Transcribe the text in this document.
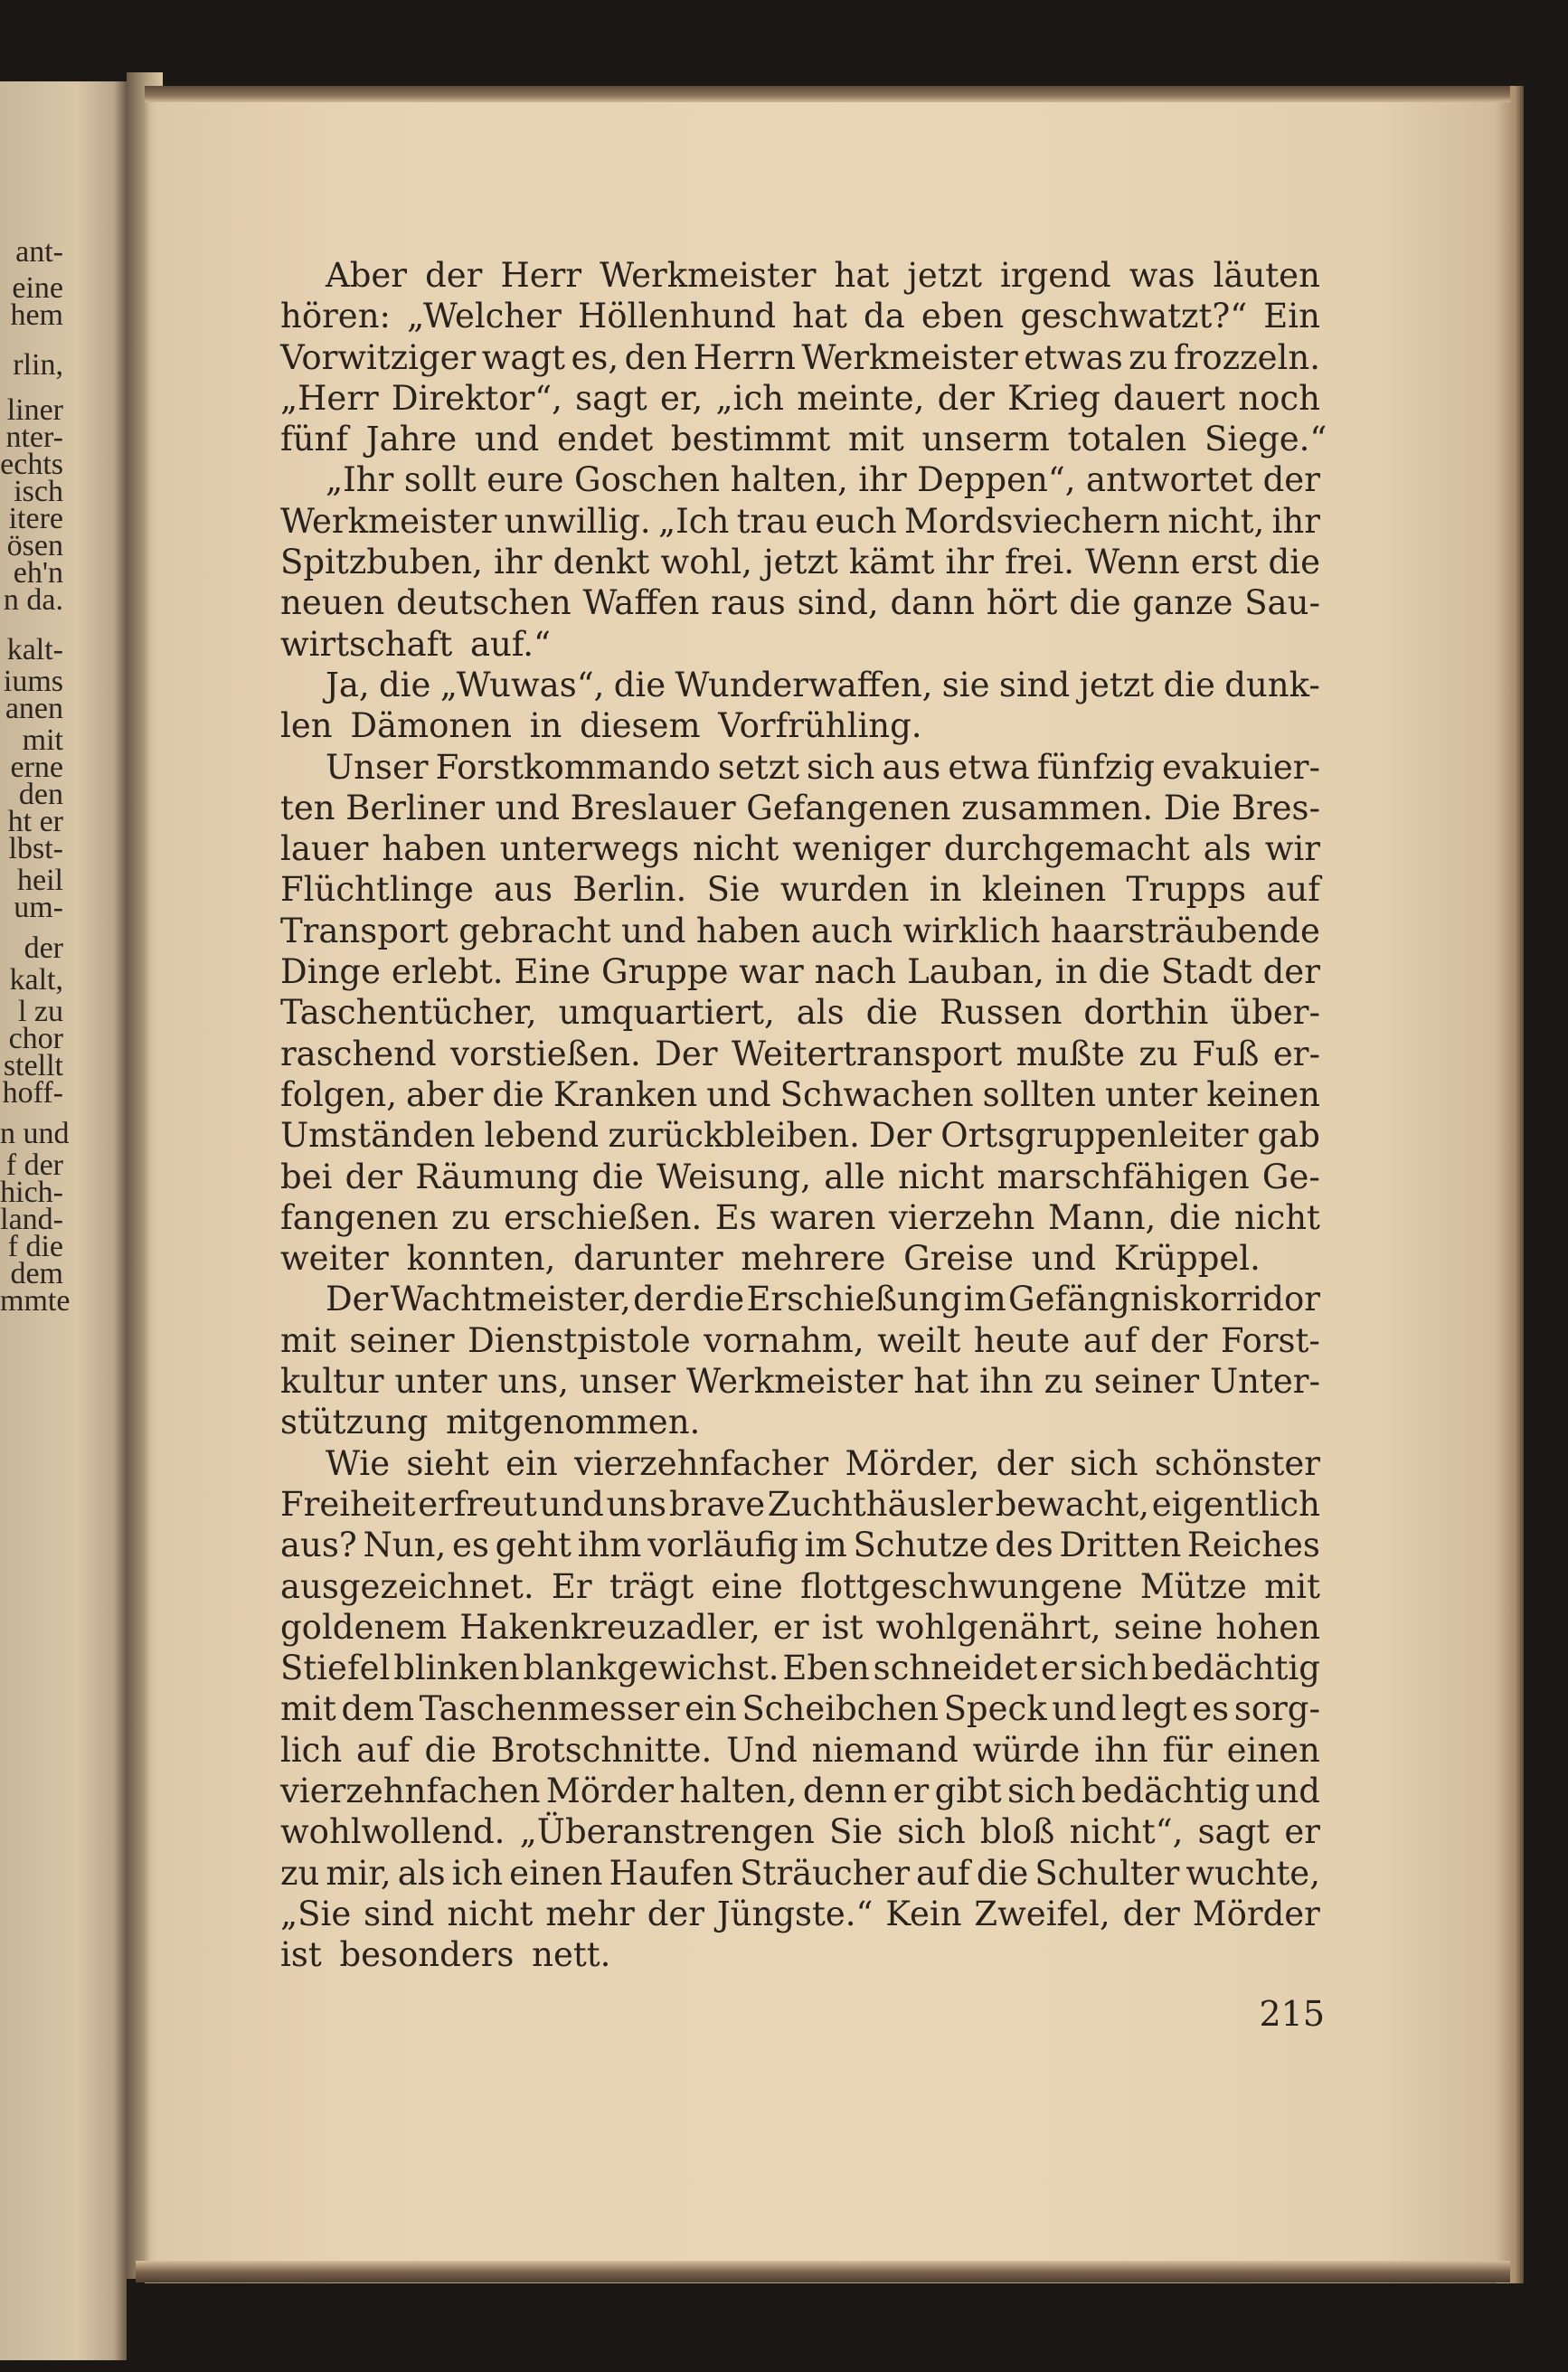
ant-
eine
hem
rlin,
liner
nter-
echts
isch
itere
ösen
eh'n
n da.
kalt-
iums
anen
mit
erne
den
ht er
lbst-
heil
um-
der
kalt,
l zu
chor
stellt
hoff-
n und
f der
hich-
land-
f die
dem
mmte
Aber der Herr Werkmeister hat jetzt irgend was läuten
hören: „Welcher Höllenhund hat da eben geschwatzt?“ Ein
Vorwitziger wagt es, den Herrn Werkmeister etwas zu frozzeln.
„Herr Direktor“, sagt er, „ich meinte, der Krieg dauert noch
fünf Jahre und endet bestimmt mit unserm totalen Siege.“
„Ihr sollt eure Goschen halten, ihr Deppen“, antwortet der
Werkmeister unwillig. „Ich trau euch Mordsviechern nicht, ihr
Spitzbuben, ihr denkt wohl, jetzt kämt ihr frei. Wenn erst die
neuen deutschen Waffen raus sind, dann hört die ganze Sau-
wirtschaft auf.“
Ja, die „Wuwas“, die Wunderwaffen, sie sind jetzt die dunk-
len Dämonen in diesem Vorfrühling.
Unser Forstkommando setzt sich aus etwa fünfzig evakuier-
ten Berliner und Breslauer Gefangenen zusammen. Die Bres-
lauer haben unterwegs nicht weniger durchgemacht als wir
Flüchtlinge aus Berlin. Sie wurden in kleinen Trupps auf
Transport gebracht und haben auch wirklich haarsträubende
Dinge erlebt. Eine Gruppe war nach Lauban, in die Stadt der
Taschentücher, umquartiert, als die Russen dorthin über-
raschend vorstießen. Der Weitertransport mußte zu Fuß er-
folgen, aber die Kranken und Schwachen sollten unter keinen
Umständen lebend zurückbleiben. Der Ortsgruppenleiter gab
bei der Räumung die Weisung, alle nicht marschfähigen Ge-
fangenen zu erschießen. Es waren vierzehn Mann, die nicht
weiter konnten, darunter mehrere Greise und Krüppel.
Der Wachtmeister, der die Erschießung im Gefängniskorridor
mit seiner Dienstpistole vornahm, weilt heute auf der Forst-
kultur unter uns, unser Werkmeister hat ihn zu seiner Unter-
stützung mitgenommen.
Wie sieht ein vierzehnfacher Mörder, der sich schönster
Freiheit erfreut und uns brave Zuchthäusler bewacht, eigentlich
aus? Nun, es geht ihm vorläufig im Schutze des Dritten Reiches
ausgezeichnet. Er trägt eine flottgeschwungene Mütze mit
goldenem Hakenkreuzadler, er ist wohlgenährt, seine hohen
Stiefel blinken blankgewichst. Eben schneidet er sich bedächtig
mit dem Taschenmesser ein Scheibchen Speck und legt es sorg-
lich auf die Brotschnitte. Und niemand würde ihn für einen
vierzehnfachen Mörder halten, denn er gibt sich bedächtig und
wohlwollend. „Überanstrengen Sie sich bloß nicht“, sagt er
zu mir, als ich einen Haufen Sträucher auf die Schulter wuchte,
„Sie sind nicht mehr der Jüngste.“ Kein Zweifel, der Mörder
ist besonders nett.
215
